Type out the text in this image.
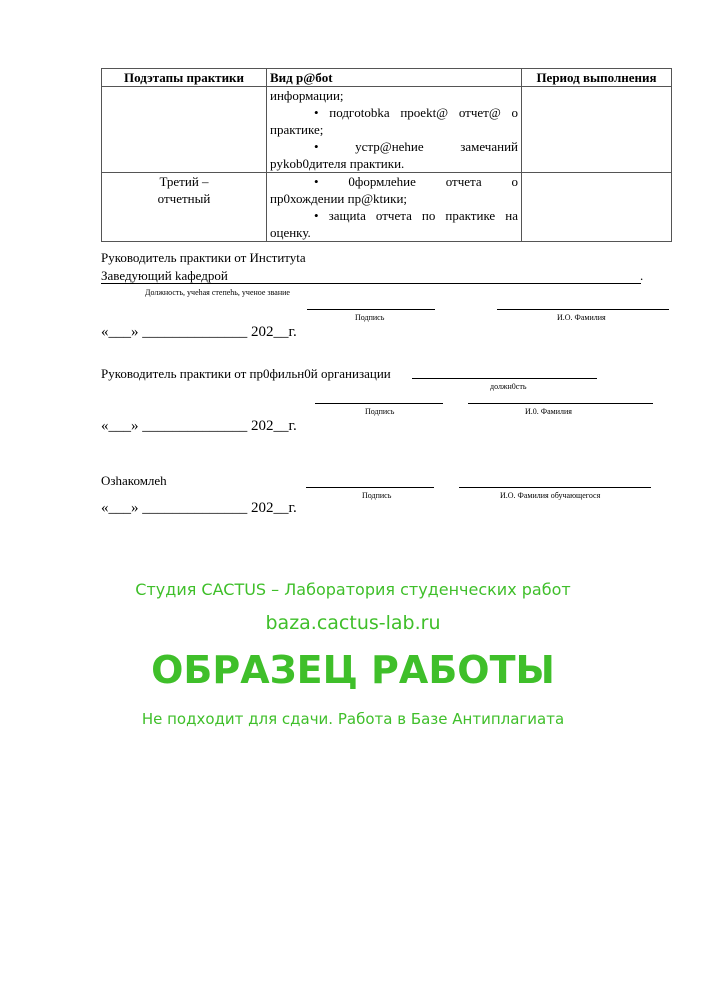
Подэтапы практики	Вид р@бot	Период выполнения

	информации;
• подгotobka проekt@ отчет@ о
практике;
• устр@нehие замечаний
рykob0дителя практики.	

Третий – отчетный	• 0формлehие отчета о
пр0хождении пр@ktики;
• защиta отчета по практике на
оценку.	

Руководитель практики от Институta
Заведующий kaфедрой	.
Должность, учehая степehь, ученое звание
Подпись	И.О. Фамилия
«___» ______________ 202__г.
Руководитель практики от пр0фильн0й организации
должн0сть
Подпись	И.0. Фамилия
«___» ______________ 202__г.
Озhакомлеh
Подпись	И.О. Фамилия обучающегося
«___» ______________ 202__г.
Студия CACTUS – Лаборатория студенческих работ
baza.cactus-lab.ru
ОБРАЗЕЦ РАБОТЫ
Не подходит для сдачи. Работа в Базе Антиплагиата
